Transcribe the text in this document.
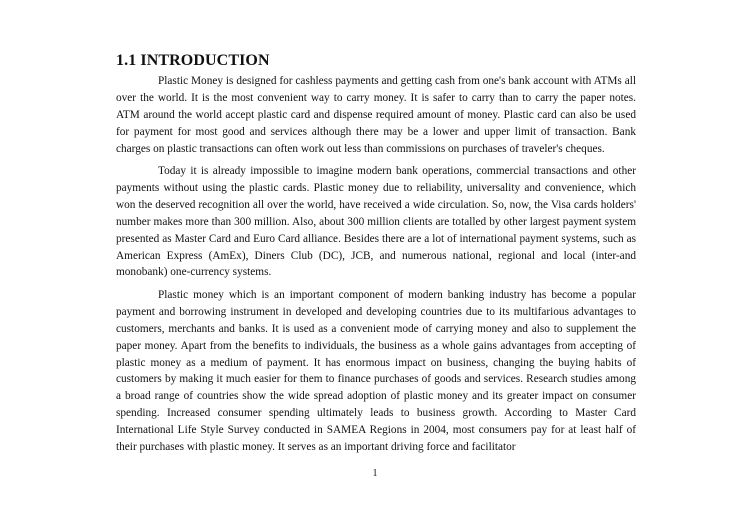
1.1 INTRODUCTION

Plastic Money is designed for cashless payments and getting cash from one's bank account with ATMs all over the world. It is the most convenient way to carry money. It is safer to carry than to carry the paper notes. ATM around the world accept plastic card and dispense required amount of money. Plastic card can also be used for payment for most good and services although there may be a lower and upper limit of transaction. Bank charges on plastic transactions can often work out less than commissions on purchases of traveler's cheques.

Today it is already impossible to imagine modern bank operations, commercial transactions and other payments without using the plastic cards. Plastic money due to reliability, universality and convenience, which won the deserved recognition all over the world, have received a wide circulation. So, now, the Visa cards holders' number makes more than 300 million. Also, about 300 million clients are totalled by other largest payment system presented as Master Card and Euro Card alliance. Besides there are a lot of international payment systems, such as American Express (AmEx), Diners Club (DC), JCB, and numerous national, regional and local (inter-and monobank) one-currency systems.

Plastic money which is an important component of modern banking industry has become a popular payment and borrowing instrument in developed and developing countries due to its multifarious advantages to customers, merchants and banks. It is used as a convenient mode of carrying money and also to supplement the paper money. Apart from the benefits to individuals, the business as a whole gains advantages from accepting of plastic money as a medium of payment. It has enormous impact on business, changing the buying habits of customers by making it much easier for them to finance purchases of goods and services. Research studies among a broad range of countries show the wide spread adoption of plastic money and its greater impact on consumer spending. Increased consumer spending ultimately leads to business growth. According to Master Card International Life Style Survey conducted in SAMEA Regions in 2004, most consumers pay for at least half of their purchases with plastic money. It serves as an important driving force and facilitator

1
